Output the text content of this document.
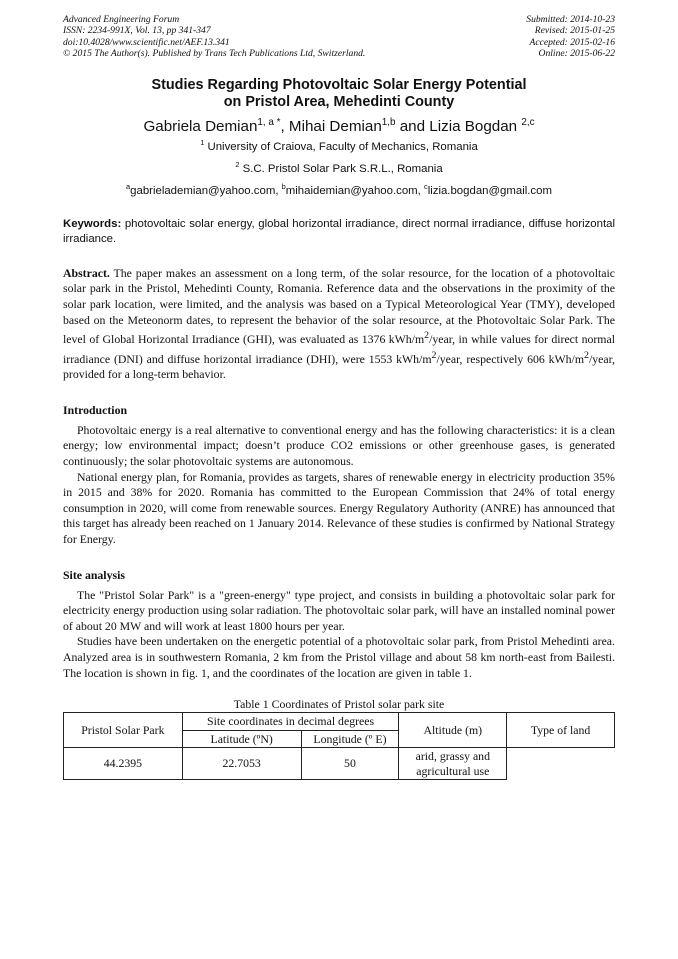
Advanced Engineering Forum
ISSN: 2234-991X, Vol. 13, pp 341-347
doi:10.4028/www.scientific.net/AEF.13.341
© 2015 The Author(s). Published by Trans Tech Publications Ltd, Switzerland.
Submitted: 2014-10-23
Revised: 2015-01-25
Accepted: 2015-02-16
Online: 2015-06-22
Studies Regarding Photovoltaic Solar Energy Potential
on Pristol Area, Mehedinti County
Gabriela Demian$^{1, a *}$, Mihai Demian$^{1,b}$ and Lizia Bogdan $^{2,c}$
$^1$ University of Craiova, Faculty of Mechanics, Romania
$^2$ S.C. Pristol Solar Park S.R.L., Romania
$^a$gabrielademian@yahoo.com, $^b$mihaidemian@yahoo.com, $^c$lizia.bogdan@gmail.com
Keywords: photovoltaic solar energy, global horizontal irradiance, direct normal irradiance, diffuse horizontal irradiance.
Abstract. The paper makes an assessment on a long term, of the solar resource, for the location of a photovoltaic solar park in the Pristol, Mehedinti County, Romania. Reference data and the observations in the proximity of the solar park location, were limited, and the analysis was based on a Typical Meteorological Year (TMY), developed based on the Meteonorm dates, to represent the behavior of the solar resource, at the Photovoltaic Solar Park. The level of Global Horizontal Irradiance (GHI), was evaluated as 1376 kWh/$m^2$/year, in while values for direct normal irradiance (DNI) and diffuse horizontal irradiance (DHI), were 1553 kWh/$m^2$/year, respectively 606 kWh/$m^2$/year, provided for a long-term behavior.
Introduction

Photovoltaic energy is a real alternative to conventional energy and has the following characteristics: it is a clean energy; low environmental impact; doesn’t produce CO2 emissions or other greenhouse gases, is generated continuously; the solar photovoltaic systems are autonomous.

National energy plan, for Romania, provides as targets, shares of renewable energy in electricity production 35% in 2015 and 38% for 2020. Romania has committed to the European Commission that 24% of total energy consumption in 2020, will come from renewable sources. Energy Regulatory Authority (ANRE) has announced that this target has already been reached on 1 January 2014. Relevance of these studies is confirmed by National Strategy for Energy.

Site analysis

The "Pristol Solar Park" is a "green-energy" type project, and consists in building a photovoltaic solar park for electricity energy production using solar radiation. The photovoltaic solar park, will have an installed nominal power of about 20 MW and will work at least 1800 hours per year.

Studies have been undertaken on the energetic potential of a photovoltaic solar park, from Pristol Mehedinti area. Analyzed area is in southwestern Romania, 2 km from the Pristol village and about 58 km north-east from Bailesti. The location is shown in fig. 1, and the coordinates of the location are given in table 1.

Table 1 Coordinates of Pristol solar park site
Pristol Solar Park	Site coordinates in decimal degrees		Altitude (m)	Type of land
	Latitude (ºN)	Longitude (º E)		
44.2395	22.7053	50	arid, grassy and agricultural use	
